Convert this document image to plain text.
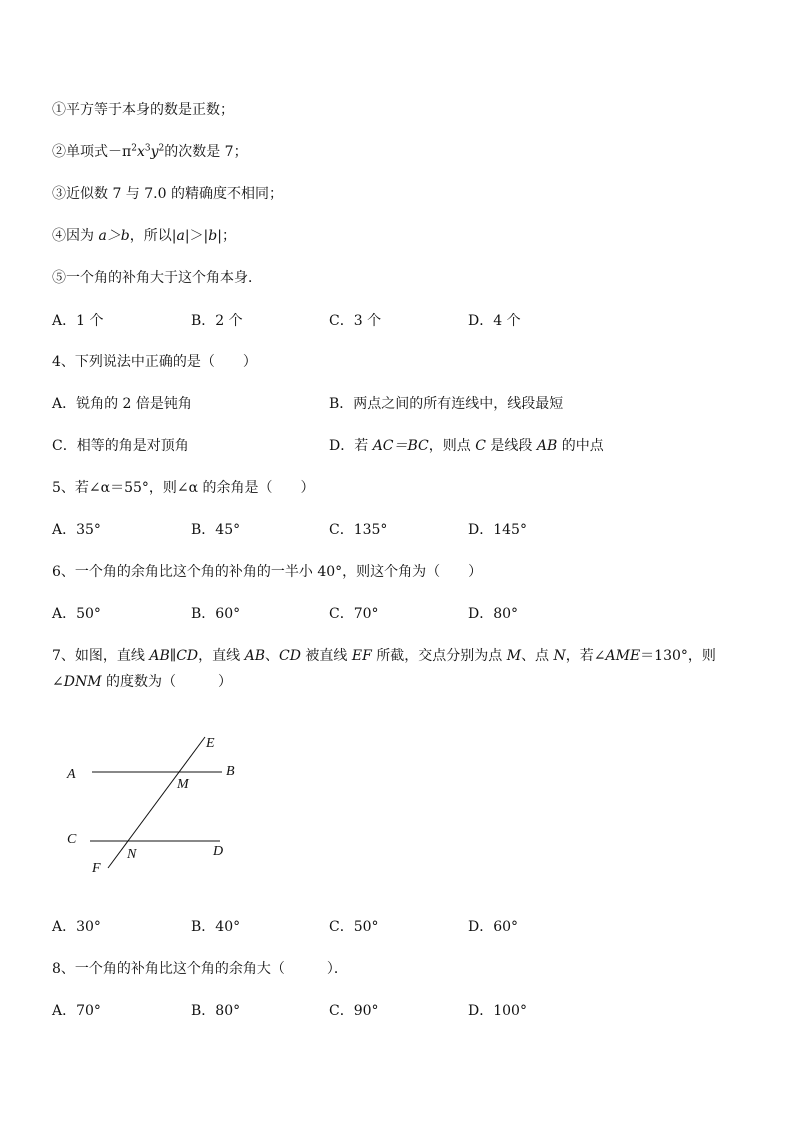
①平方等于本身的数是正数；
②单项式$-\pi^2x^3y^2$的次数是 7；
③近似数 7 与 7.0 的精确度不相同；
④因为 a＞b，所以|a|＞|b|；
⑤一个角的补角大于这个角本身．
A．1 个	B．2 个	C．3 个	D．4 个
4、下列说法中正确的是（　　）
A．锐角的 2 倍是钝角	B．两点之间的所有连线中，线段最短
C．相等的角是对顶角	D．若 AC＝BC，则点 C 是线段 AB 的中点
5、若∠α＝55°，则∠α 的余角是（　　）
A．35°	B．45°	C．135°	D．145°
6、一个角的余角比这个角的补角的一半小 40°，则这个角为（　　）
A．50°	B．60°	C．70°	D．80°
7、如图，直线 AB∥CD，直线 AB、CD 被直线 EF 所截，交点分别为点 M、点 N，若∠AME＝130°，则
∠DNM 的度数为（　　　）
E
A	B
M
C
N	D
F
A．30°	B．40°	C．50°	D．60°
8、一个角的补角比这个角的余角大（　　　）．
A．70°	B．80°	C．90°	D．100°
